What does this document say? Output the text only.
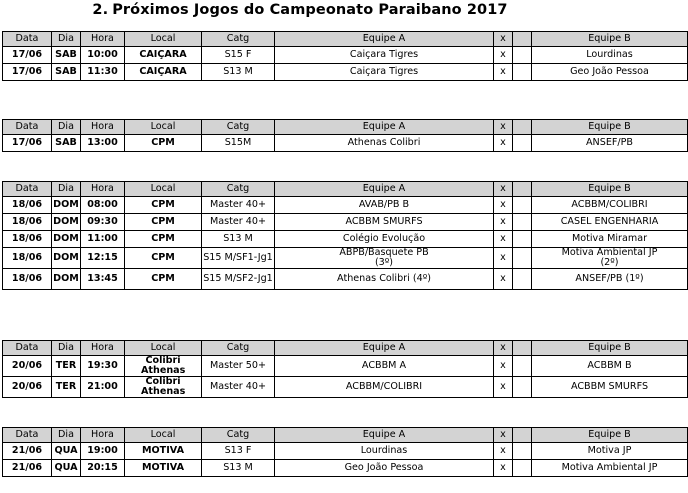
2. Próximos Jogos do Campeonato Paraibano 2017
Data	Dia	Hora	Local	Catg	Equipe A	x		Equipe B
17/06	SAB	10:00	CAIÇARA	S15 F	Caiçara Tigres	x		Lourdinas
17/06	SAB	11:30	CAIÇARA	S13 M	Caiçara Tigres	x		Geo João Pessoa
Data	Dia	Hora	Local	Catg	Equipe A	x		Equipe B
17/06	SAB	13:00	CPM	S15M	Athenas Colibri	x		ANSEF/PB
Data	Dia	Hora	Local	Catg	Equipe A	x		Equipe B
18/06	DOM	08:00	CPM	Master 40+	AVAB/PB B	x		ACBBM/COLIBRI
18/06	DOM	09:30	CPM	Master 40+	ACBBM SMURFS	x		CASEL ENGENHARIA
18/06	DOM	11:00	CPM	S13 M	Colégio Evolução	x		Motiva Miramar
18/06	DOM	12:15	CPM	S15 M/SF1-Jg1	ABPB/Basquete PB (3º)	x		Motiva Ambiental JP (2º)
18/06	DOM	13:45	CPM	S15 M/SF2-Jg1	Athenas Colibri (4º)	x		ANSEF/PB (1º)
Data	Dia	Hora	Local	Catg	Equipe A	x		Equipe B
20/06	TER	19:30	Colibri Athenas	Master 50+	ACBBM A	x		ACBBM B
20/06	TER	21:00	Colibri Athenas	Master 40+	ACBBM/COLIBRI	x		ACBBM SMURFS
Data	Dia	Hora	Local	Catg	Equipe A	x		Equipe B
21/06	QUA	19:00	MOTIVA	S13 F	Lourdinas	x		Motiva JP
21/06	QUA	20:15	MOTIVA	S13 M	Geo João Pessoa	x		Motiva Ambiental JP
